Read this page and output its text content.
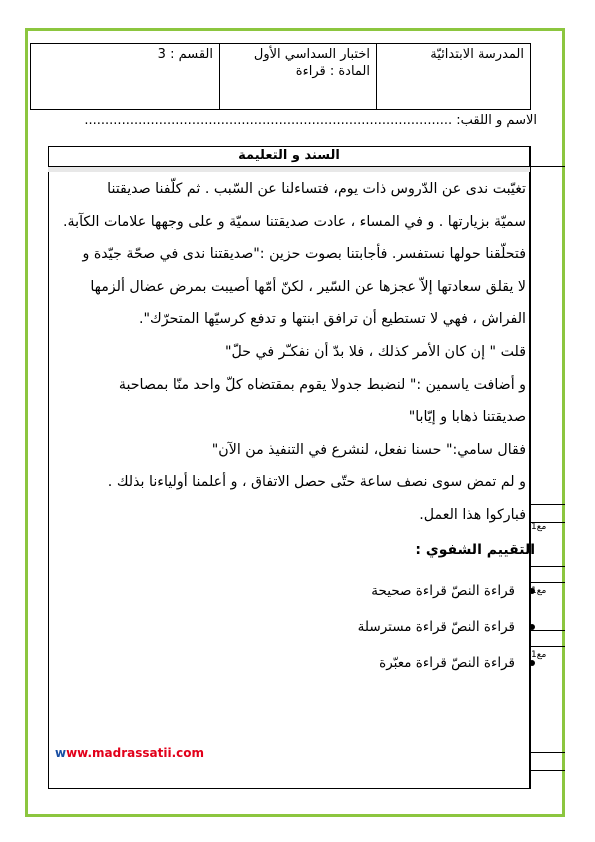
المدرسة الابتدائيّة
اختبار السداسي الأول
المادة : قراءة
القسم : 3
الاسم و اللقب: .........................................................................................
السند و التعليمة

تغيّبت ندى عن الدّروس ذات يوم، فتساءلنا عن السّبب . ثم كلّفنا صديقتنا

سميّة بزيارتها . و في المساء ، عادت صديقتنا سميّة و على وجهها علامات الكآبة.

فتحلّقنا حولها نستفسر. فأجابتنا بصوت حزين :"صديقتنا ندى في صحّة جيّدة و

لا يقلق سعادتها إلاّ عجزها عن السّير ، لكنّ أمّها أصيبت بمرض عضال ألزمها

الفراش ، فهي لا تستطيع أن ترافق ابنتها و تدفع كرسيّها المتحرّك".

قلت " إن كان الأمر كذلك ، فلا بدّ أن نفكـّر في حلّ"

و أضافت ياسمين :" لنضبط جدولا يقوم بمقتضاه كلّ واحد منّا بمصاحبة

صديقتنا ذهابا و إيّابا"

فقال سامي:" حسنا نفعل، لنشرع في التنفيذ من الآن"

و لم تمض سوى نصف ساعة حتّى حصل الاتفاق ، و أعلمنا أولياءنا بذلك .

فباركوا هذا العمل.

التقييم الشفوي :
قراءة النصّ قراءة صحيحة
قراءة النصّ قراءة مسترسلة
قراءة النصّ قراءة معبّرة
مع1
مع1
مع1
www.madrassatii.com
